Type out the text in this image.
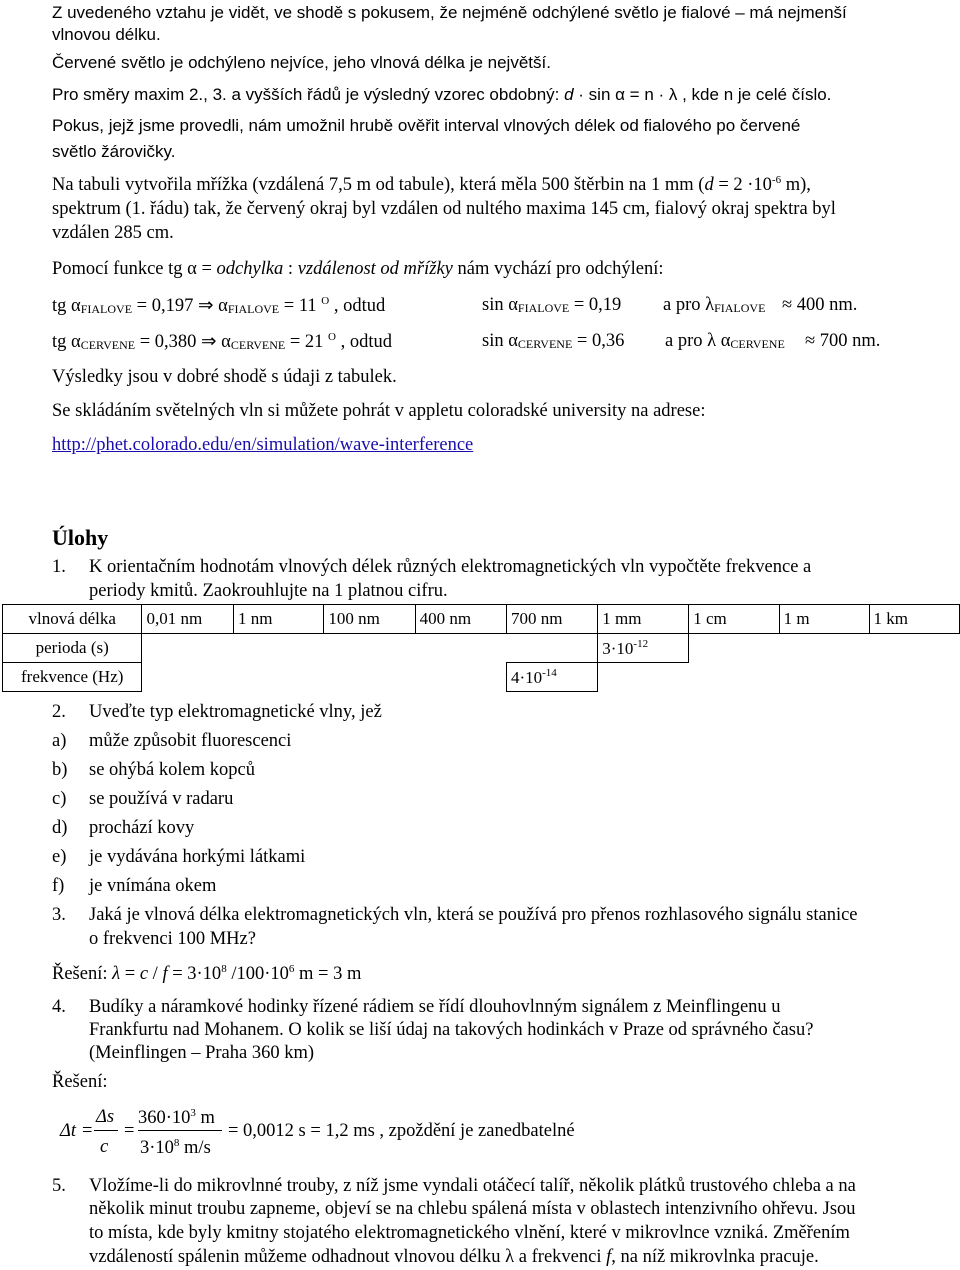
Z uvedeného vztahu je vidět, ve shodě s pokusem, že nejméně odchýlené světlo je fialové – má nejmenší
vlnovou délku.
Červené světlo je odchýleno nejvíce, jeho vlnová délka je největší.
Pro směry maxim 2., 3. a vyšších řádů je výsledný vzorec obdobný: d · sin α = n · λ , kde n je celé číslo.
Pokus, jejž jsme provedli, nám umožnil hrubě ověřit interval vlnových délek od fialového po červené
světlo žárovičky.
Na tabuli vytvořila mřížka (vzdálená 7,5 m od tabule), která měla 500 štěrbin na 1 mm ($d = 2 \cdot 10^{-6}$ m),
spektrum (1. řádu) tak, že červený okraj byl vzdálen od nultého maxima 145 cm, fialový okraj spektra byl
vzdálen 285 cm.
Pomocí funkce tg α = odchylka : vzdálenost od mřížky nám vychází pro odchýlení:
tg αFIALOVE = 0,197 ⇒ αFIALOVE = 11 $^O$ , odtud	sin αFIALOVE = 0,19 a pro λFIALOVE ≈ 400 nm.
tg αCERVENE = 0,380 ⇒ αCERVENE = 21 $^O$ , odtud	sin αCERVENE = 0,36 a pro λ αCERVENE ≈ 700 nm.
Výsledky jsou v dobré shodě s údaji z tabulek.
Se skládáním světelných vln si můžete pohrát v appletu coloradské university na adrese:
http://phet.colorado.edu/en/simulation/wave-interference
Úlohy
1. K orientačním hodnotám vlnových délek různých elektromagnetických vln vypočtěte frekvence a
periody kmitů. Zaokrouhlujte na 1 platnou cifru.
vlnová délka	0,01 nm	1 nm	100 nm	400 nm	700 nm	1 mm	1 cm	1 m	1 km
perioda (s)						$3\cdot 10^{-12}$			
frekvence (Hz)					$4\cdot 10^{-14}$				
2. Uveďte typ elektromagnetické vlny, jež
a) může způsobit fluorescenci
b) se ohýbá kolem kopců
c) se používá v radaru
d) prochází kovy
e) je vydávána horkými látkami
f) je vnímána okem
3. Jaká je vlnová délka elektromagnetických vln, která se používá pro přenos rozhlasového signálu stanice
o frekvenci 100 MHz?
Řešení: $\lambda = c / f = 3\cdot 10^8$ $/100\cdot 10^6$ m = 3 m
4. Budíky a náramkové hodinky řízené rádiem se řídí dlouhovlnným signálem z Meinflingenu u
Frankfurtu nad Mohanem. O kolik se liší údaj na takových hodinkách v Praze od správného času?
(Meinflingen – Praha 360 km)
Řešení:
Δt =
Δs
c
=
$360\cdot 10^3$ m
$3\cdot 10^8$ m/s
= 0,0012 s = 1,2 ms , zpoždění je zanedbatelné
5. Vložíme-li do mikrovlnné trouby, z níž jsme vyndali otáčecí talíř, několik plátků trustového chleba a na
několik minut troubu zapneme, objeví se na chlebu spálená místa v oblastech intenzivního ohřevu. Jsou
to místa, kde byly kmitny stojatého elektromagnetického vlnění, které v mikrovlnce vzniká. Změřením
vzdáleností spálenin můžeme odhadnout vlnovou délku λ a frekvenci f, na níž mikrovlnka pracuje.
